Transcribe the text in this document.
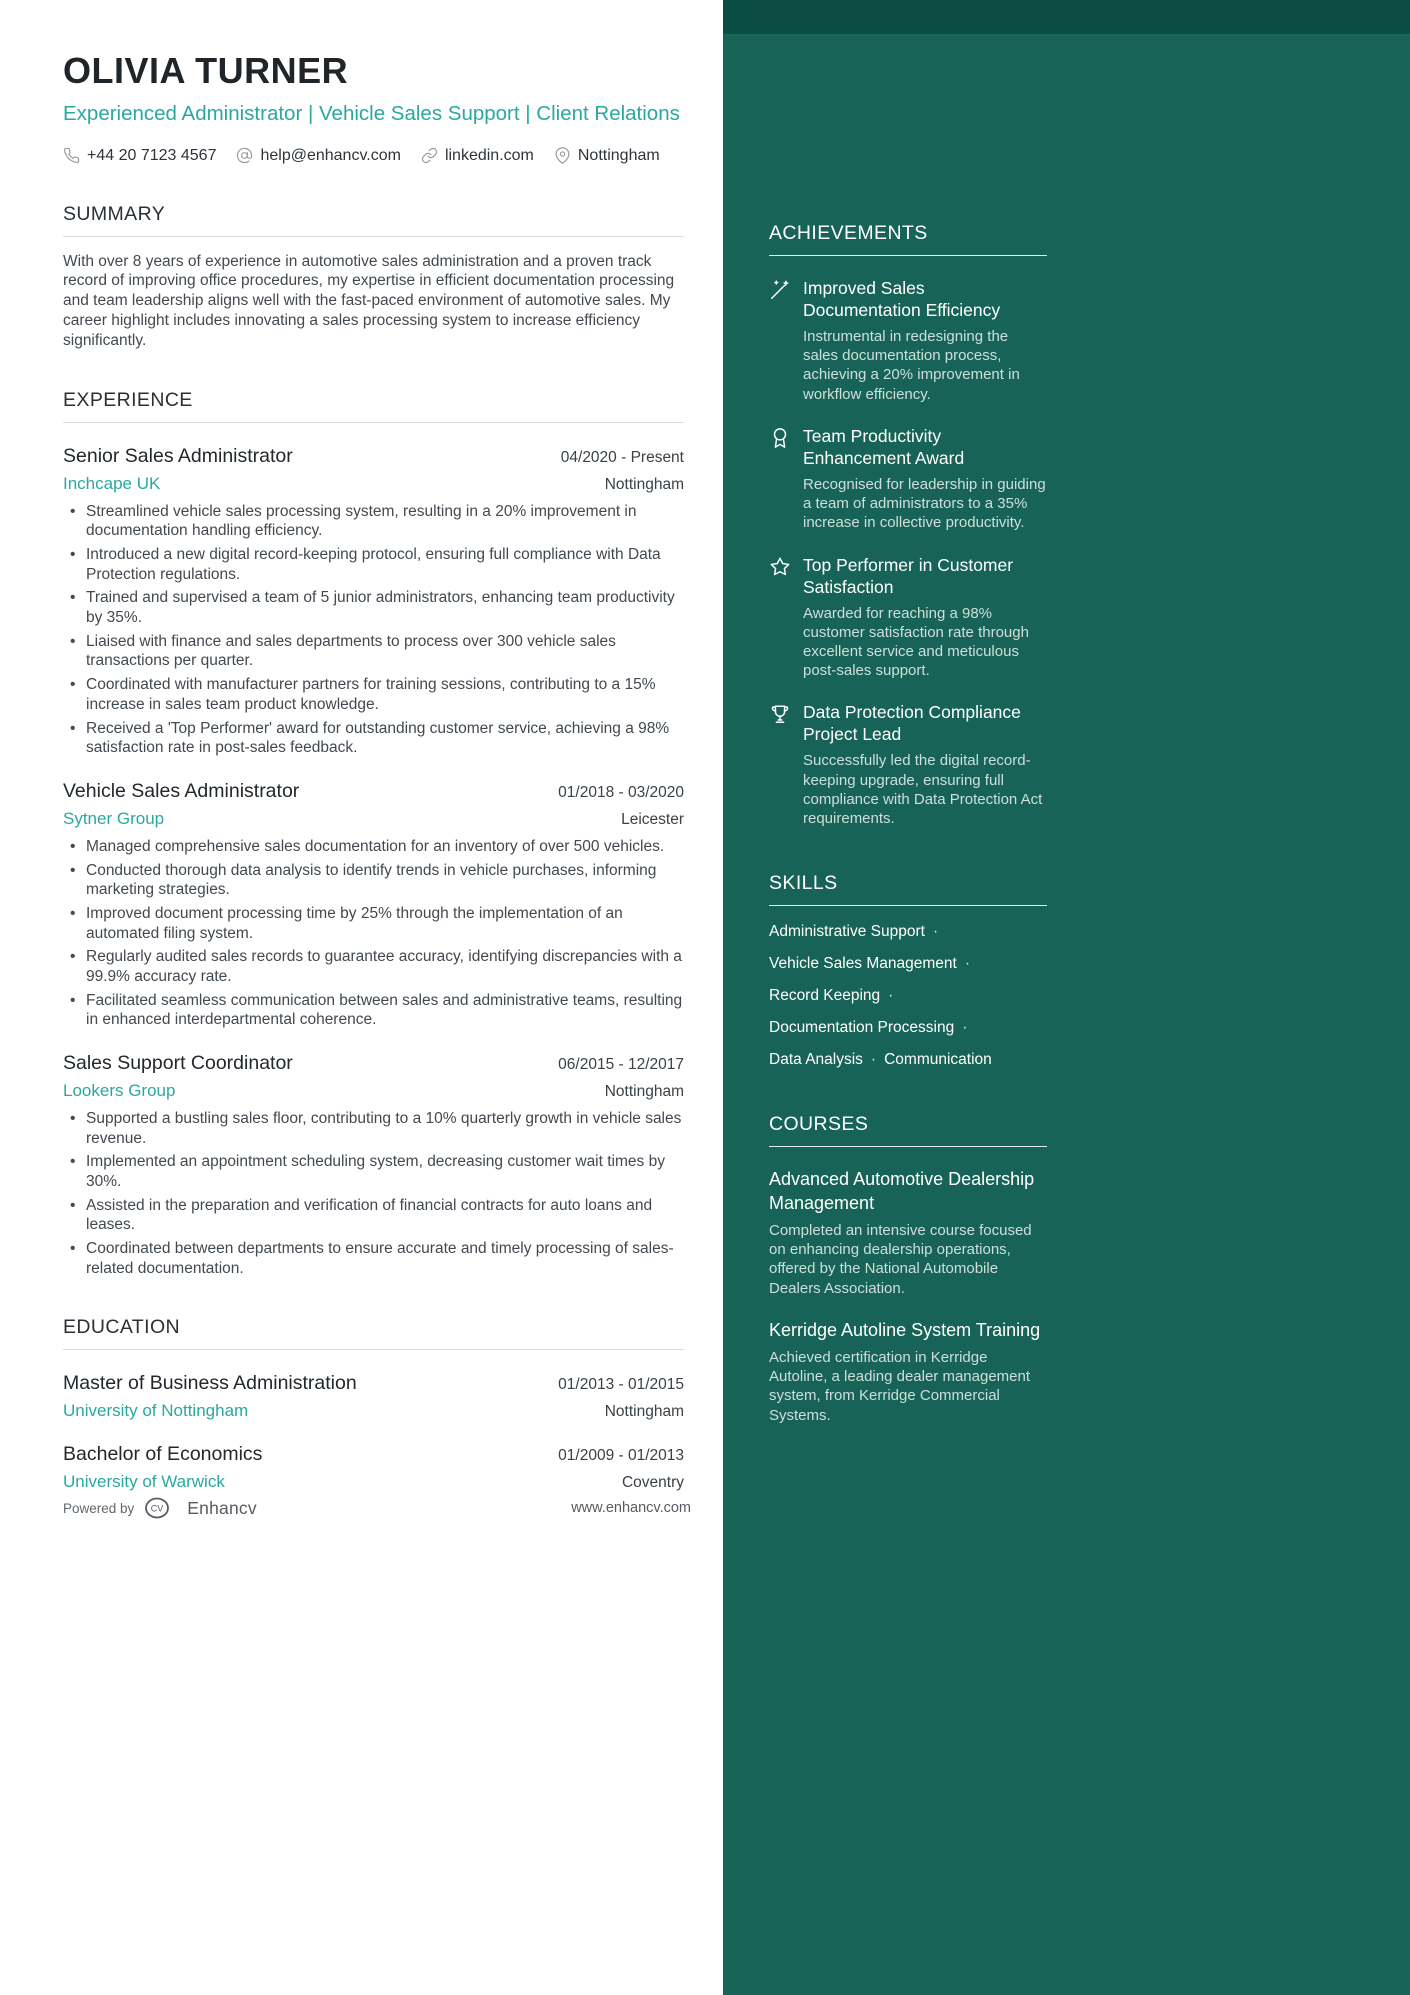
ACHIEVEMENTS
Improved Sales Documentation Efficiency
Instrumental in redesigning the sales documentation process, achieving a 20% improvement in workflow efficiency.
Team Productivity Enhancement Award
Recognised for leadership in guiding a team of administrators to a 35% increase in collective productivity.
Top Performer in Customer Satisfaction
Awarded for reaching a 98% customer satisfaction rate through excellent service and meticulous post-sales support.
Data Protection Compliance Project Lead
Successfully led the digital record-keeping upgrade, ensuring full compliance with Data Protection Act requirements.
SKILLS
Administrative Support ·
Vehicle Sales Management ·
Record Keeping ·
Documentation Processing ·
Data Analysis · Communication
COURSES
Advanced Automotive Dealership Management
Completed an intensive course focused on enhancing dealership operations, offered by the National Automobile Dealers Association.
Kerridge Autoline System Training
Achieved certification in Kerridge Autoline, a leading dealer management system, from Kerridge Commercial Systems.
OLIVIA TURNER
Experienced Administrator | Vehicle Sales Support | Client Relations
+44 20 7123 4567	help@enhancv.com	linkedin.com	Nottingham
SUMMARY

With over 8 years of experience in automotive sales administration and a proven track record of improving office procedures, my expertise in efficient documentation processing and team leadership aligns well with the fast-paced environment of automotive sales. My career highlight includes innovating a sales processing system to increase efficiency significantly.

EXPERIENCE
Senior Sales Administrator	04/2020 - Present
Inchcape UK	Nottingham
• Streamlined vehicle sales processing system, resulting in a 20% improvement in documentation handling efficiency.
• Introduced a new digital record-keeping protocol, ensuring full compliance with Data Protection regulations.
• Trained and supervised a team of 5 junior administrators, enhancing team productivity by 35%.
• Liaised with finance and sales departments to process over 300 vehicle sales transactions per quarter.
• Coordinated with manufacturer partners for training sessions, contributing to a 15% increase in sales team product knowledge.
• Received a 'Top Performer' award for outstanding customer service, achieving a 98% satisfaction rate in post-sales feedback.
Vehicle Sales Administrator	01/2018 - 03/2020
Sytner Group	Leicester
• Managed comprehensive sales documentation for an inventory of over 500 vehicles.
• Conducted thorough data analysis to identify trends in vehicle purchases, informing marketing strategies.
• Improved document processing time by 25% through the implementation of an automated filing system.
• Regularly audited sales records to guarantee accuracy, identifying discrepancies with a 99.9% accuracy rate.
• Facilitated seamless communication between sales and administrative teams, resulting in enhanced interdepartmental coherence.
Sales Support Coordinator	06/2015 - 12/2017
Lookers Group	Nottingham
• Supported a bustling sales floor, contributing to a 10% quarterly growth in vehicle sales revenue.
• Implemented an appointment scheduling system, decreasing customer wait times by 30%.
• Assisted in the preparation and verification of financial contracts for auto loans and leases.
• Coordinated between departments to ensure accurate and timely processing of sales-related documentation.
EDUCATION
Master of Business Administration	01/2013 - 01/2015
University of Nottingham	Nottingham
Bachelor of Economics	01/2009 - 01/2013
University of Warwick	Coventry
Powered by CV Enhancv	www.enhancv.com
